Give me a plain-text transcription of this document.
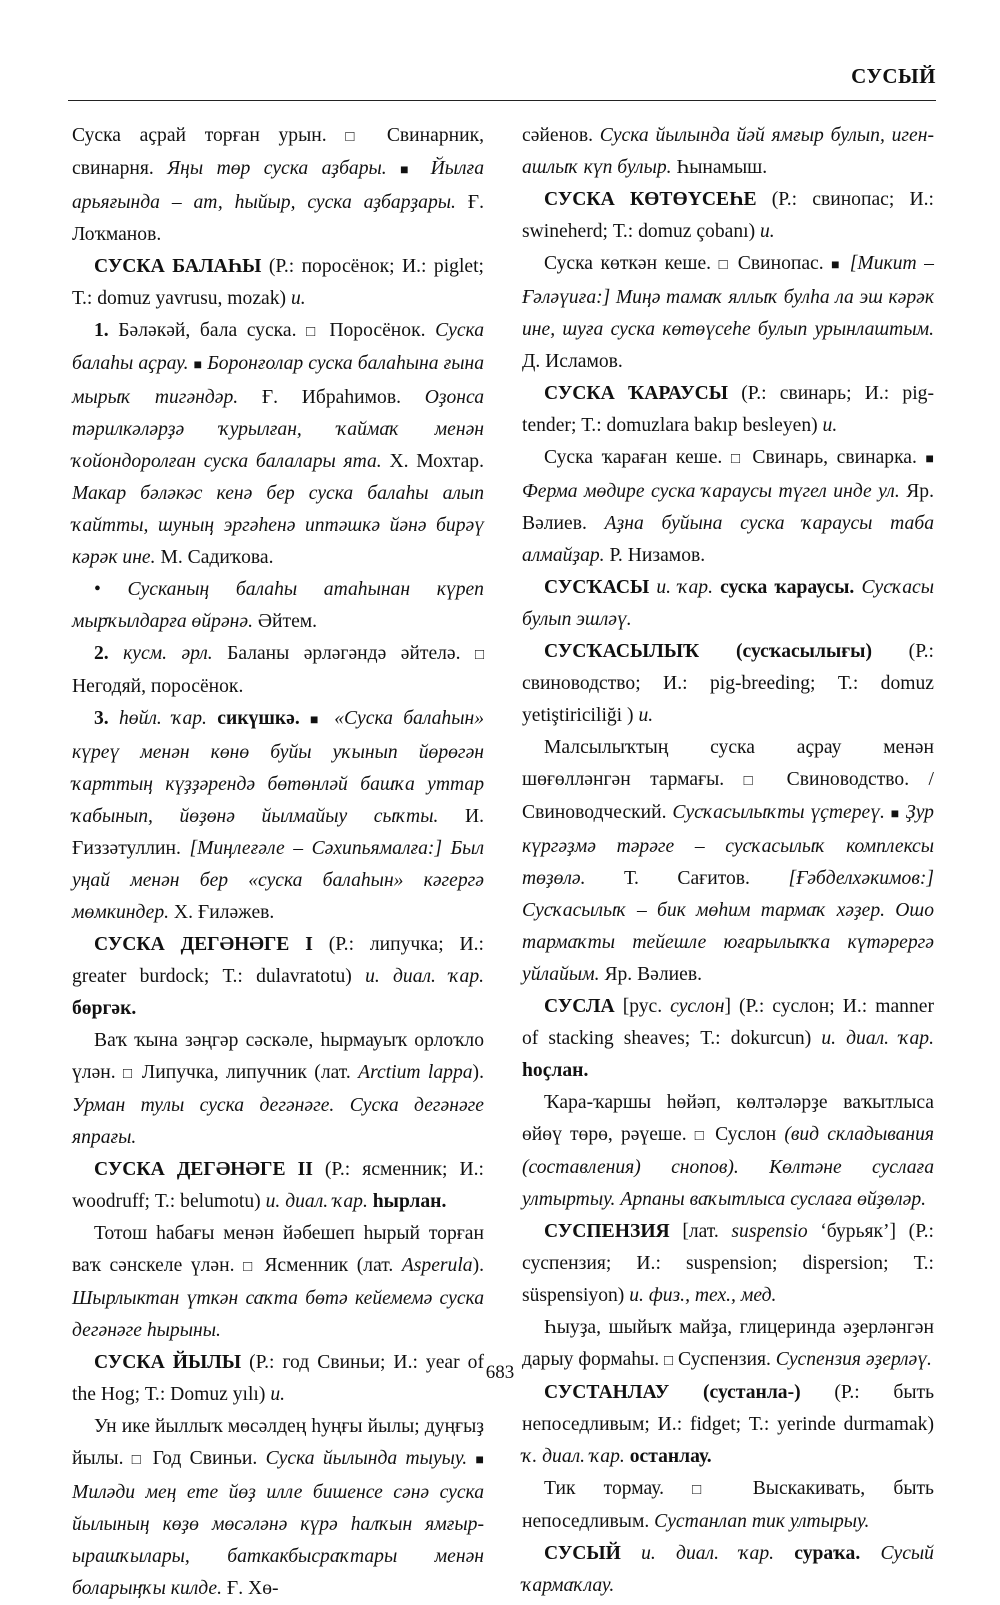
СУСЫЙ

Суска аҫрай торған урын. □ Свинарник, свинарня. Яңы төр суска аҙбары. ■ Йылға арьяғында – ат, һыйыр, суска аҙбарҙары. Ғ. Лоҡманов.

СУСКА БАЛАҺЫ (Р.: поросёнок; И.: piglet; Т.: domuz yavrusu, mozak) и.

1. Бәләкәй, бала суска. □ Поросёнок. Суска балаһы аҫрау. ■ Боронғолар суска балаһына ғына мырыҡ тигәндәр. Ғ. Ибраһимов. Оҙонса тәрилкәләрҙә ҡурылған, ҡаймаҡ менән ҡойондоролған суска балалары ята. Х. Мохтар. Макар бәләкәс кенә бер суска балаһы алып ҡайтты, шуның эргәһенә иптәшкә йәнә бирәү кәрәк ине. М. Садиҡова.

• Сусканың балаһы атаһынан күреп мырҡылдарға өйрәнә. Әйтем.

2. кусм. әрл. Баланы әрләгәндә әйтелә. □ Негодяй, поросёнок.

3. һөйл. ҡар. сикүшкә. ■ «Суска балаһын» күреү менән көнө буйы уҡынып йөрөгән ҡарттың күҙҙәрендә бөтөнләй башҡа уттар ҡабынып, йөҙөнә йылмайыу сыҡты. И. Ғиззәтуллин. [Миңлеғәле – Сәхипьямалға:] Был уңай менән бер «суска балаһын» кәгергә мөмкиндер. Х. Ғиләжев.

СУСКА ДЕГӘНӘГЕ I (Р.: липучка; И.: greater burdock; Т.: dulavratotu) и. диал. ҡар. бөргәк.

Ваҡ ҡына зәңгәр сәскәле, һырмауыҡ орлоҡло үлән. □ Липучка, липучник (лат. Arctium lappa). Урман тулы суска дегәнәге. Суска дегәнәге япрағы.

СУСКА ДЕГӘНӘГЕ II (Р.: ясменник; И.: woodruff; Т.: belumotu) и. диал. ҡар. һырлан.

Тотош һабағы менән йәбешеп һырый торған ваҡ сәнскеле үлән. □ Ясменник (лат. Asperula). Шырлыктан үткән саҡта бөтә кейемемә суска дегәнәге һырыны.

СУСКА ЙЫЛЫ (Р.: год Свиньи; И.: year of the Hog; Т.: Domuz yılı) и.

Ун ике йыллыҡ мөсәлдең һуңғы йылы; дуңғыҙ йылы. □ Год Свиньи. Суска йылында тыуыу. ■ Миләди мең ете йөҙ илле бишенсе сәнә суска йылының көҙө мөсәләнә күрә һалҡын ямғыр-ырашҡылары, баткакбысраҡтары менән боларыңҡы килде. Ғ. Хө-

сәйенов. Суска йылында йәй ямғыр булып, иген-ашлыҡ күп булыр. Һынамыш.

СУСКА КӨТӨҮСЕҺЕ (Р.: свинопас; И.: swineherd; Т.: domuz çobanı) и.

Суска көткән кеше. □ Свинопас. ■ [Микит – Ғәләүиға:] Миңә тамаҡ яллыҡ булһа ла эш кәрәк ине, шуға суска көтөүсеһе булып урынлаштым. Д. Исламов.

СУСКА ҠАРАУСЫ (Р.: свинарь; И.: pig-tender; Т.: domuzlara bakıp besleyen) и.

Суска ҡараған кеше. □ Свинарь, свинарка. ■ Ферма мөдире суска ҡараусы түгел инде ул. Яр. Вәлиев. Аҙна буйына суска ҡараусы таба алмайҙар. Р. Низамов.

СУСҠАСЫ и. ҡар. суска ҡараусы. Сусҡасы булып эшләү.

СУСҠАСЫЛЫҠ (сусҡасылығы) (Р.: свиноводство; И.: pig-breeding; Т.: domuz yetiştiriciliği ) и.

Малсылыҡтың суска аҫрау менән шөғөлләнгән тармағы. □ Свиноводство. / Свиноводческий. Сусҡасылыҡты үҫтереү. ■ Ҙур күргәҙмә тәрәге – сусҡасылыҡ комплексы төҙөлә. Т. Сағитов. [Ғәбделхәкимов:] Сусҡасылыҡ – бик мөһим тармаҡ хәҙер. Ошо тармаҡты тейешле юғарылыҡҡа күтәрергә уйлайым. Яр. Вәлиев.

СУСЛА [рус. суслон] (Р.: суслон; И.: manner of stacking sheaves; Т.: dokurcun) и. диал. ҡар. һоҫлан.

Ҡара-ҡаршы һөйәп, көлтәләрҙе ваҡытлыса өйөү төрө, рәүеше. □ Суслон (вид складывания (составления) снопов). Көлтәне суслаға ултыртыу. Арпаны ваҡытлыса суслаға өйҙөләр.

СУСПЕНЗИЯ [лат. suspensio ‘бурьяк’] (Р.: суспензия; И.: suspension; dispersion; Т.: süspensiyon) и. физ., тех., мед.

Һыуҙа, шыйыҡ майҙа, глицеринда әҙерләнгән дарыу формаһы. □ Суспензия. Суспензия әҙерләү.

СУСТАНЛАУ (сустанла-) (Р.: быть непоседливым; И.: fidget; Т.: yerinde durmamak) ҡ. диал. ҡар. останлау.

Тик тормау. □ Выскакивать, быть непоседливым. Сустанлап тик ултырыу.

СУСЫЙ и. диал. ҡар. сураҡа. Сусый ҡармаҡлау.

683
